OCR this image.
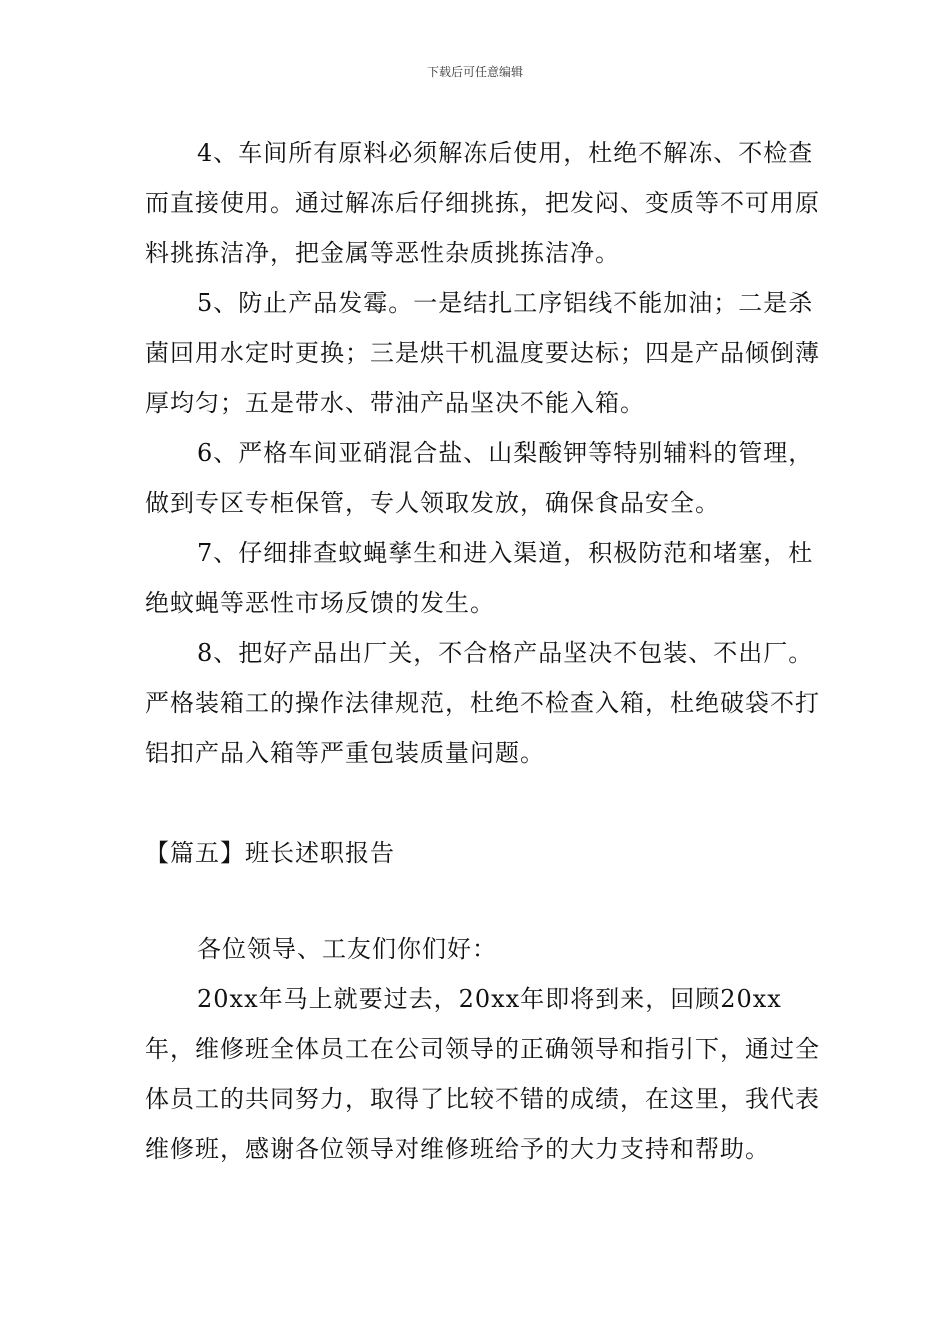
下载后可任意编辑

4、车间所有原料必须解冻后使用，杜绝不解冻、不检查而直接使用。通过解冻后仔细挑拣，把发闷、变质等不可用原料挑拣洁净，把金属等恶性杂质挑拣洁净。

5、防止产品发霉。一是结扎工序铝线不能加油；二是杀菌回用水定时更换；三是烘干机温度要达标；四是产品倾倒薄厚均匀；五是带水、带油产品坚决不能入箱。

6、严格车间亚硝混合盐、山梨酸钾等特别辅料的管理，做到专区专柜保管，专人领取发放，确保食品安全。

7、仔细排查蚊蝇孳生和进入渠道，积极防范和堵塞，杜绝蚊蝇等恶性市场反馈的发生。

8、把好产品出厂关，不合格产品坚决不包装、不出厂。严格装箱工的操作法律规范，杜绝不检查入箱，杜绝破袋不打铝扣产品入箱等严重包装质量问题。

【篇五】班长述职报告

各位领导、工友们你们好：

20xx年马上就要过去，20xx年即将到来，回顾20xx年，维修班全体员工在公司领导的正确领导和指引下，通过全体员工的共同努力，取得了比较不错的成绩，在这里，我代表维修班，感谢各位领导对维修班给予的大力支持和帮助。
